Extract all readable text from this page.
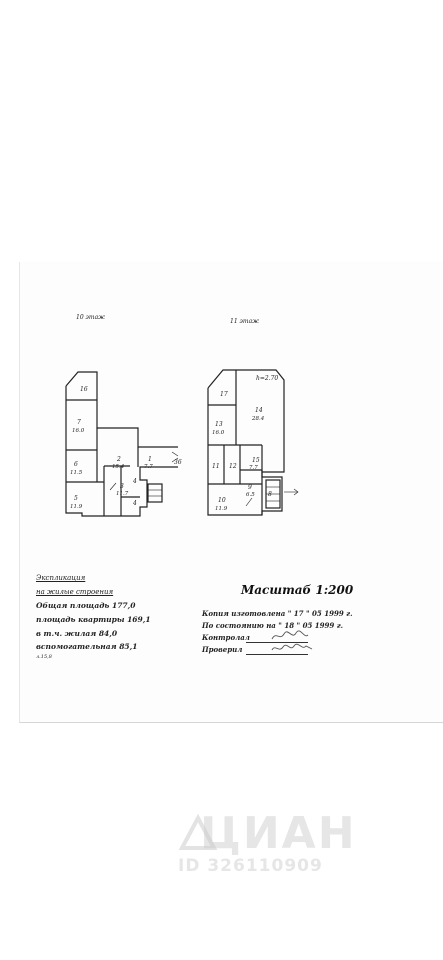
16
7
16.0
2
15.4
1
7.7
6
11.5
3
11.7
4
5
11.9	4
36
17
14
28.4
13
16.0
11 12
15
7.7
9
6.5 8
10
11.9
h=2.70
10 этаж
11 этаж
Экспликация
на жилые строения
Общая площадь 177,0
площадь квартиры 169,1
в т.ч. жилая 84,0
вспомогательная 85,1
л.15,8
Масштаб 1:200
Копия изготовлена " 17 " 05 1999 г.
По состоянию на " 18 " 05 1999 г.
Контролал
Проверил
ЦИАН
ID 326110909
